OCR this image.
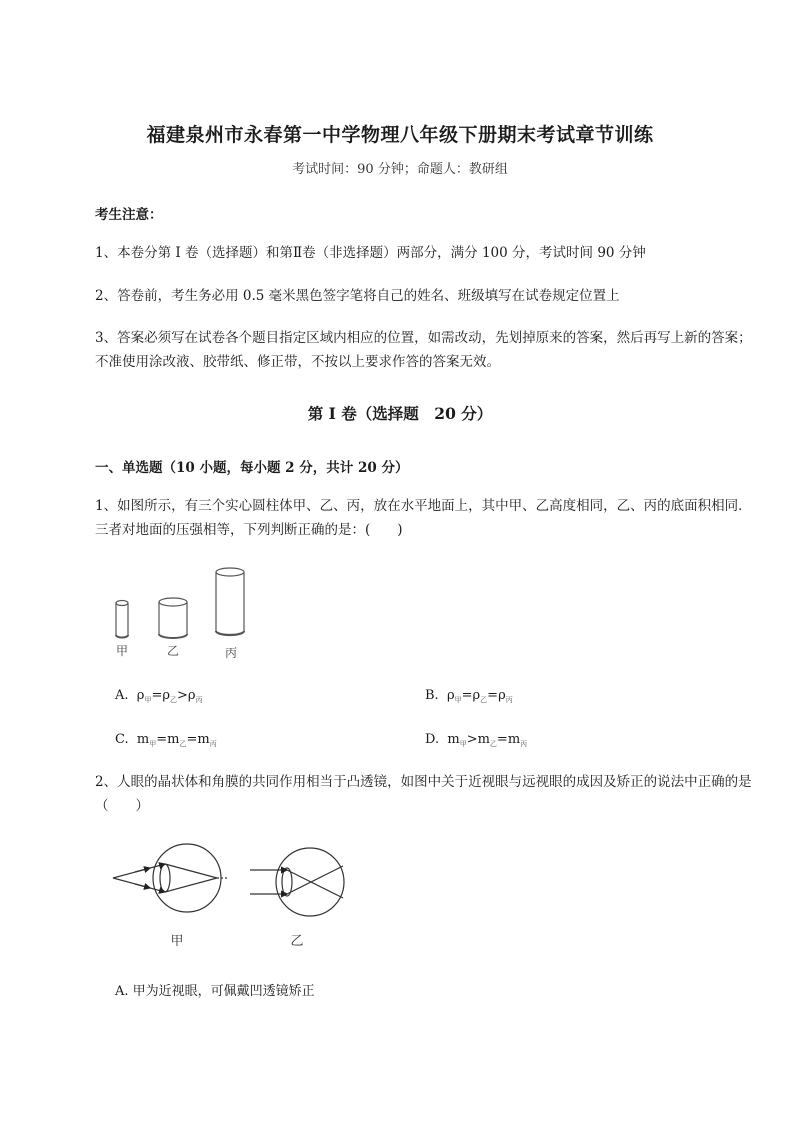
福建泉州市永春第一中学物理八年级下册期末考试章节训练
考试时间：90 分钟；命题人：教研组
考生注意：
1、本卷分第 I 卷（选择题）和第Ⅱ卷（非选择题）两部分，满分 100 分，考试时间 90 分钟
2、答卷前，考生务必用 0.5 毫米黑色签字笔将自己的姓名、班级填写在试卷规定位置上
3、答案必须写在试卷各个题目指定区域内相应的位置，如需改动，先划掉原来的答案，然后再写上新的答案；不准使用涂改液、胶带纸、修正带，不按以上要求作答的答案无效。
第 I 卷（选择题　20 分）
一、单选题（10 小题，每小题 2 分，共计 20 分）
1、如图所示，有三个实心圆柱体甲、乙、丙，放在水平地面上，其中甲、乙高度相同，乙、丙的底面积相同．三者对地面的压强相等，下列判断正确的是：(　　)
甲	乙	丙
A. $\rho_甲=\rho_乙>\rho_丙$	B. $\rho_甲=\rho_乙=\rho_丙$
C. $m_甲=m_乙=m_丙$	D. $m_甲>m_乙=m_丙$
2、人眼的晶状体和角膜的共同作用相当于凸透镜，如图中关于近视眼与远视眼的成因及矫正的说法中正确的是（　　）
甲	乙
A. 甲为近视眼，可佩戴凹透镜矫正
